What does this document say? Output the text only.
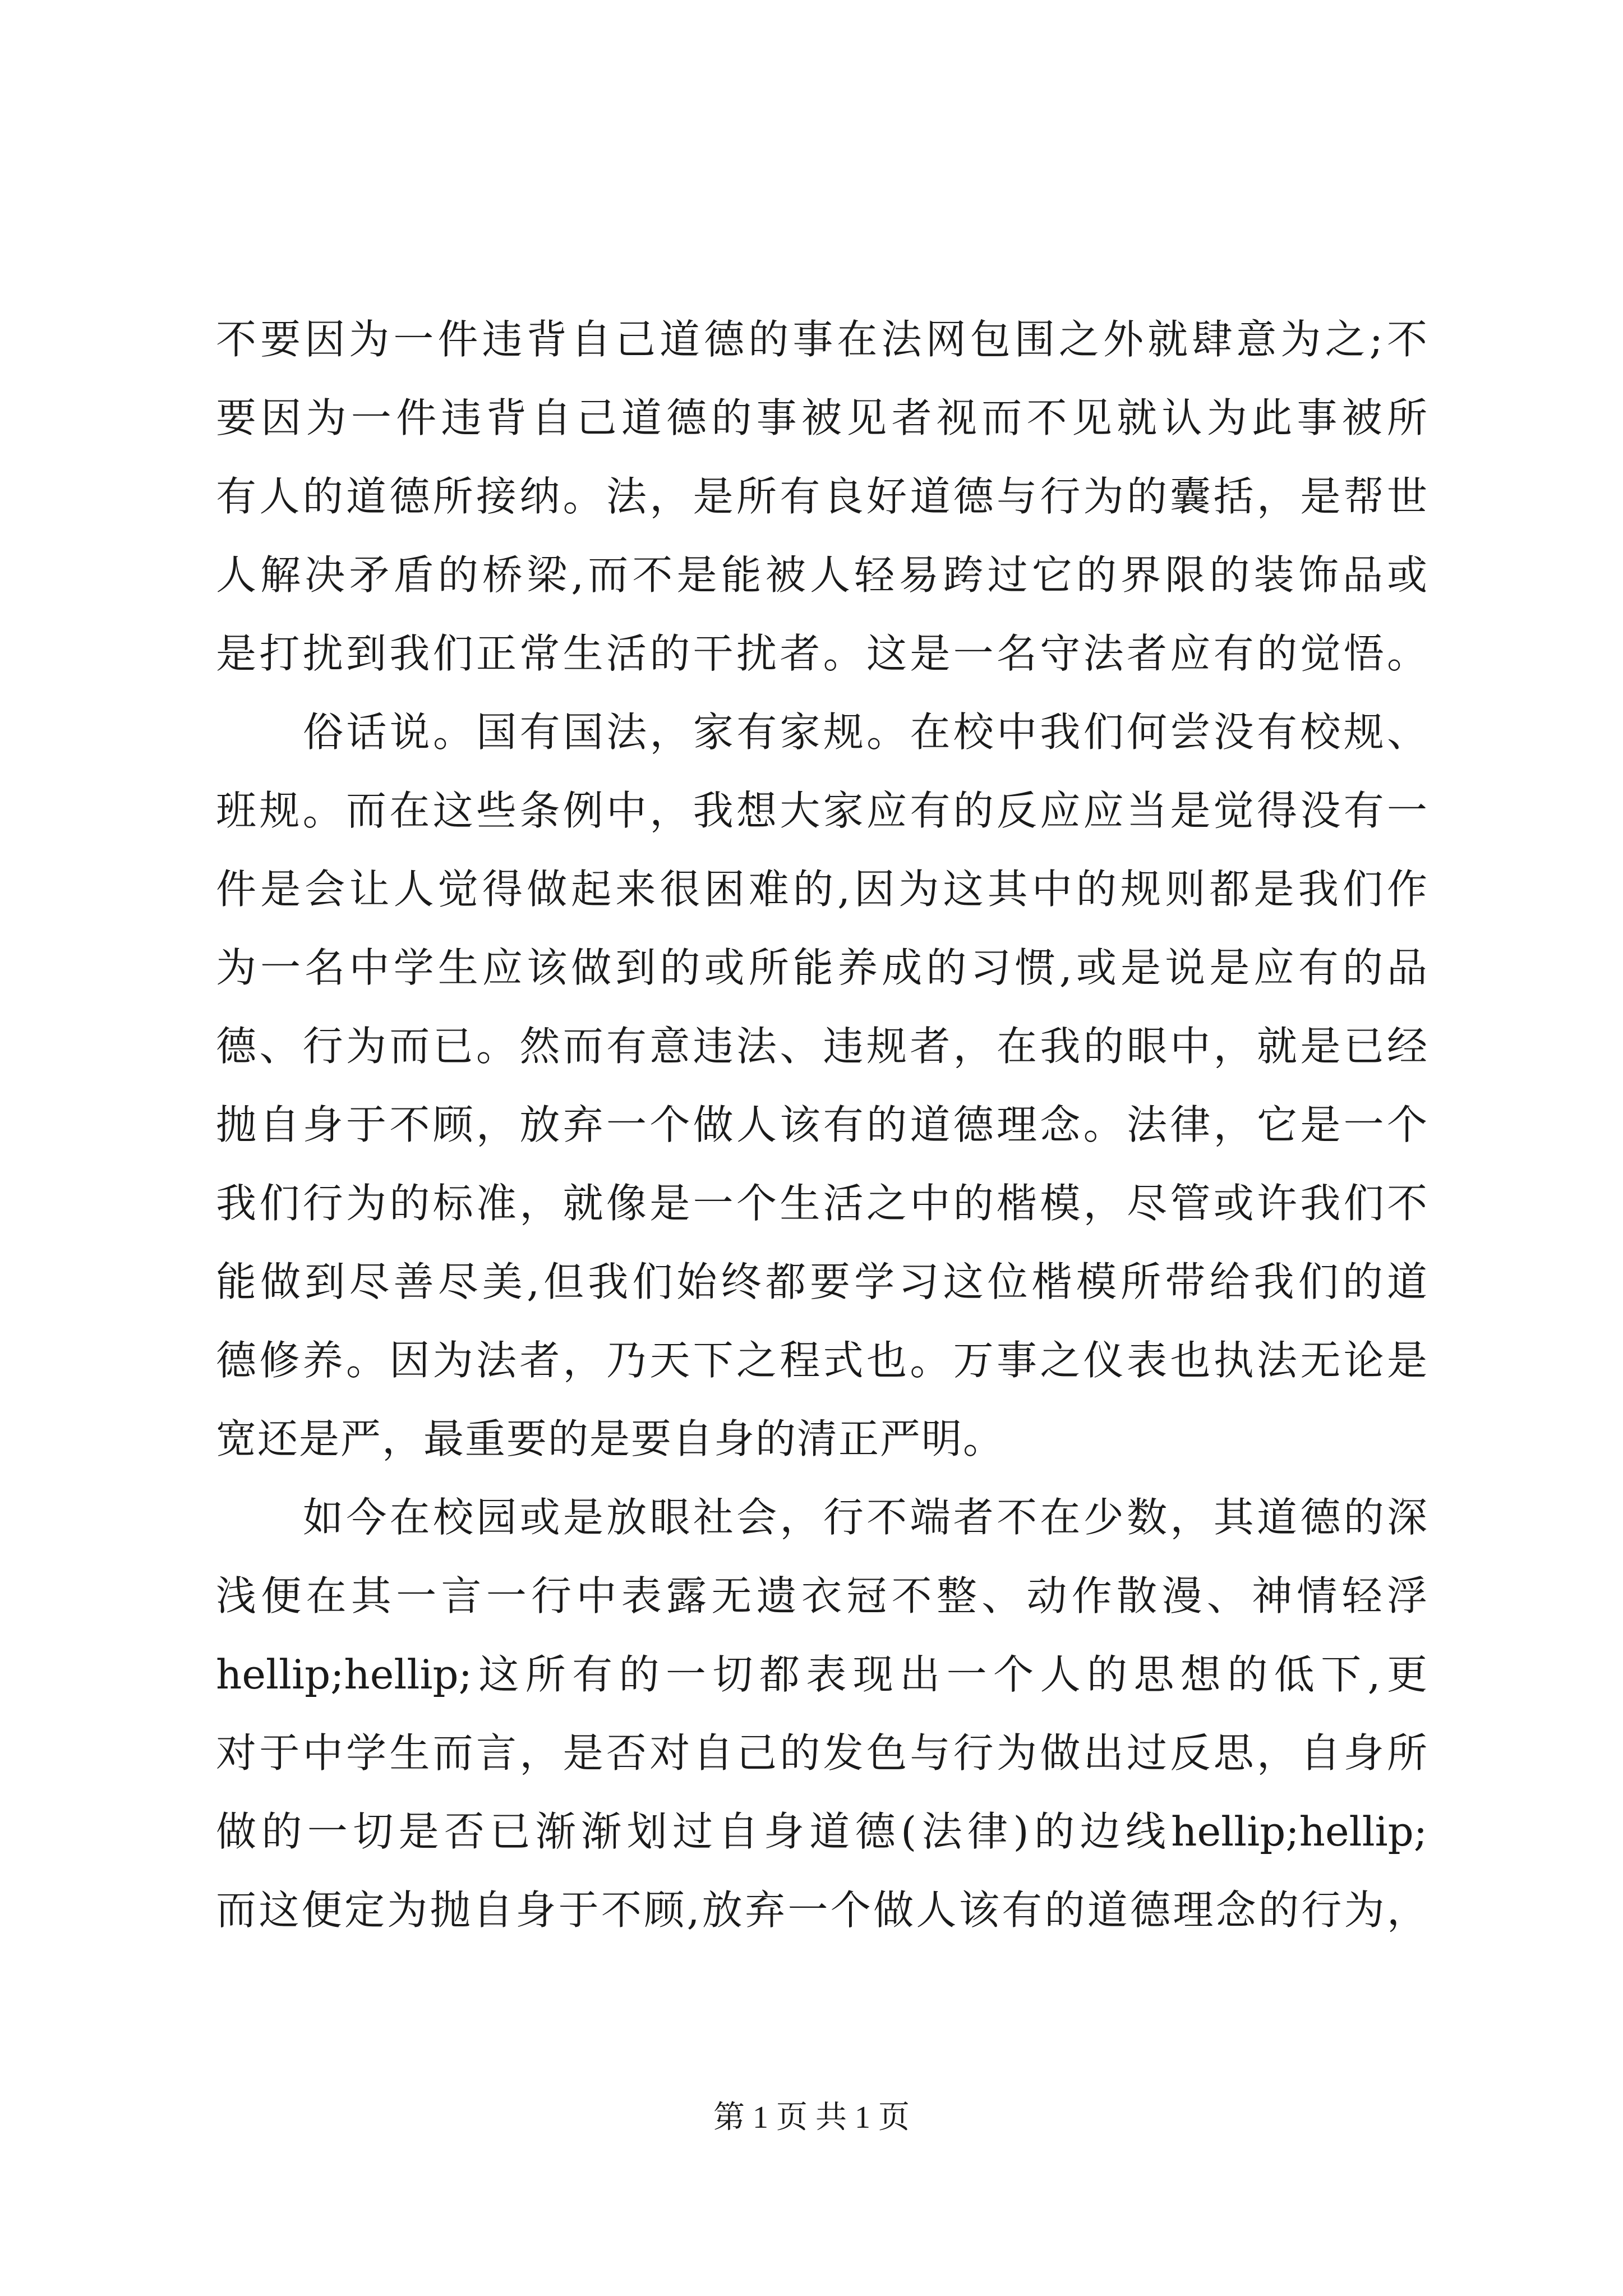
不要因为一件违背自己道德的事在法网包围之外就肆意为之;不
要因为一件违背自己道德的事被见者视而不见就认为此事被所
有人的道德所接纳。法，是所有良好道德与行为的囊括，是帮世
人解决矛盾的桥梁,而不是能被人轻易跨过它的界限的装饰品或
是打扰到我们正常生活的干扰者。这是一名守法者应有的觉悟。
俗话说。国有国法，家有家规。在校中我们何尝没有校规、
班规。而在这些条例中，我想大家应有的反应应当是觉得没有一
件是会让人觉得做起来很困难的,因为这其中的规则都是我们作
为一名中学生应该做到的或所能养成的习惯,或是说是应有的品
德、行为而已。然而有意违法、违规者，在我的眼中，就是已经
抛自身于不顾，放弃一个做人该有的道德理念。法律，它是一个
我们行为的标准，就像是一个生活之中的楷模，尽管或许我们不
能做到尽善尽美,但我们始终都要学习这位楷模所带给我们的道
德修养。因为法者，乃天下之程式也。万事之仪表也执法无论是
宽还是严，最重要的是要自身的清正严明。
如今在校园或是放眼社会，行不端者不在少数，其道德的深
浅便在其一言一行中表露无遗衣冠不整、动作散漫、神情轻浮
hellip;hellip;这所有的一切都表现出一个人的思想的低下,更
对于中学生而言，是否对自己的发色与行为做出过反思，自身所
做的一切是否已渐渐划过自身道德(法律)的边线hellip;hellip;
而这便定为抛自身于不顾,放弃一个做人该有的道德理念的行为，
第 1 页 共 1 页
